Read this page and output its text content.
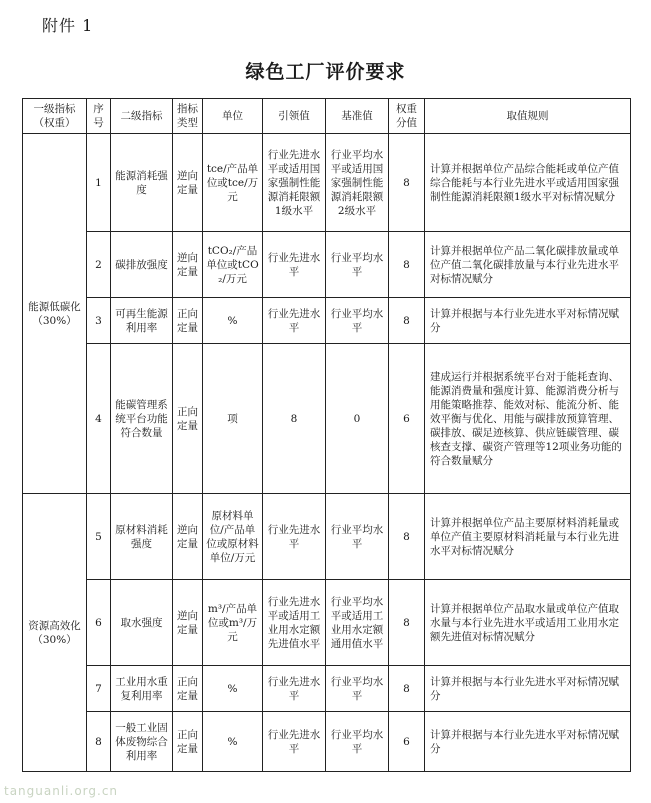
附件 1
绿色工厂评价要求
一级指标（权重）	序号	二级指标	指标类型	单位	引领值	基准值	权重分值	取值规则
能源低碳化（30%）	1	能源消耗强度	逆向定量	tce/产品单位或tce/万元	行业先进水平或适用国家强制性能源消耗限额1级水平	行业平均水平或适用国家强制性能源消耗限额2级水平	8	计算并根据单位产品综合能耗或单位产值综合能耗与本行业先进水平或适用国家强制性能源消耗限额1级水平对标情况赋分
	2	碳排放强度	逆向定量	tCO₂/产品单位或tCO₂/万元	行业先进水平	行业平均水平	8	计算并根据单位产品二氧化碳排放量或单位产值二氧化碳排放量与本行业先进水平对标情况赋分
	3	可再生能源利用率	正向定量	%	行业先进水平	行业平均水平	8	计算并根据与本行业先进水平对标情况赋分
	4	能碳管理系统平台功能符合数量	正向定量	项	8	0	6	建成运行并根据系统平台对于能耗查询、能源消费量和强度计算、能源消费分析与用能策略推荐、能效对标、能流分析、能效平衡与优化、用能与碳排放预算管理、碳排放、碳足迹核算、供应链碳管理、碳核查支撑、碳资产管理等12项业务功能的符合数量赋分
资源高效化（30%）	5	原材料消耗强度	逆向定量	原材料单位/产品单位或原材料单位/万元	行业先进水平	行业平均水平	8	计算并根据单位产品主要原材料消耗量或单位产值主要原材料消耗量与本行业先进水平对标情况赋分
	6	取水强度	逆向定量	m³/产品单位或m³/万元	行业先进水平或适用工业用水定额先进值水平	行业平均水平或适用工业用水定额通用值水平	8	计算并根据单位产品取水量或单位产值取水量与本行业先进水平或适用工业用水定额先进值对标情况赋分
	7	工业用水重复利用率	正向定量	%	行业先进水平	行业平均水平	8	计算并根据与本行业先进水平对标情况赋分
	8	一般工业固体废物综合利用率	正向定量	%	行业先进水平	行业平均水平	6	计算并根据与本行业先进水平对标情况赋分
tanguanli.org.cn
